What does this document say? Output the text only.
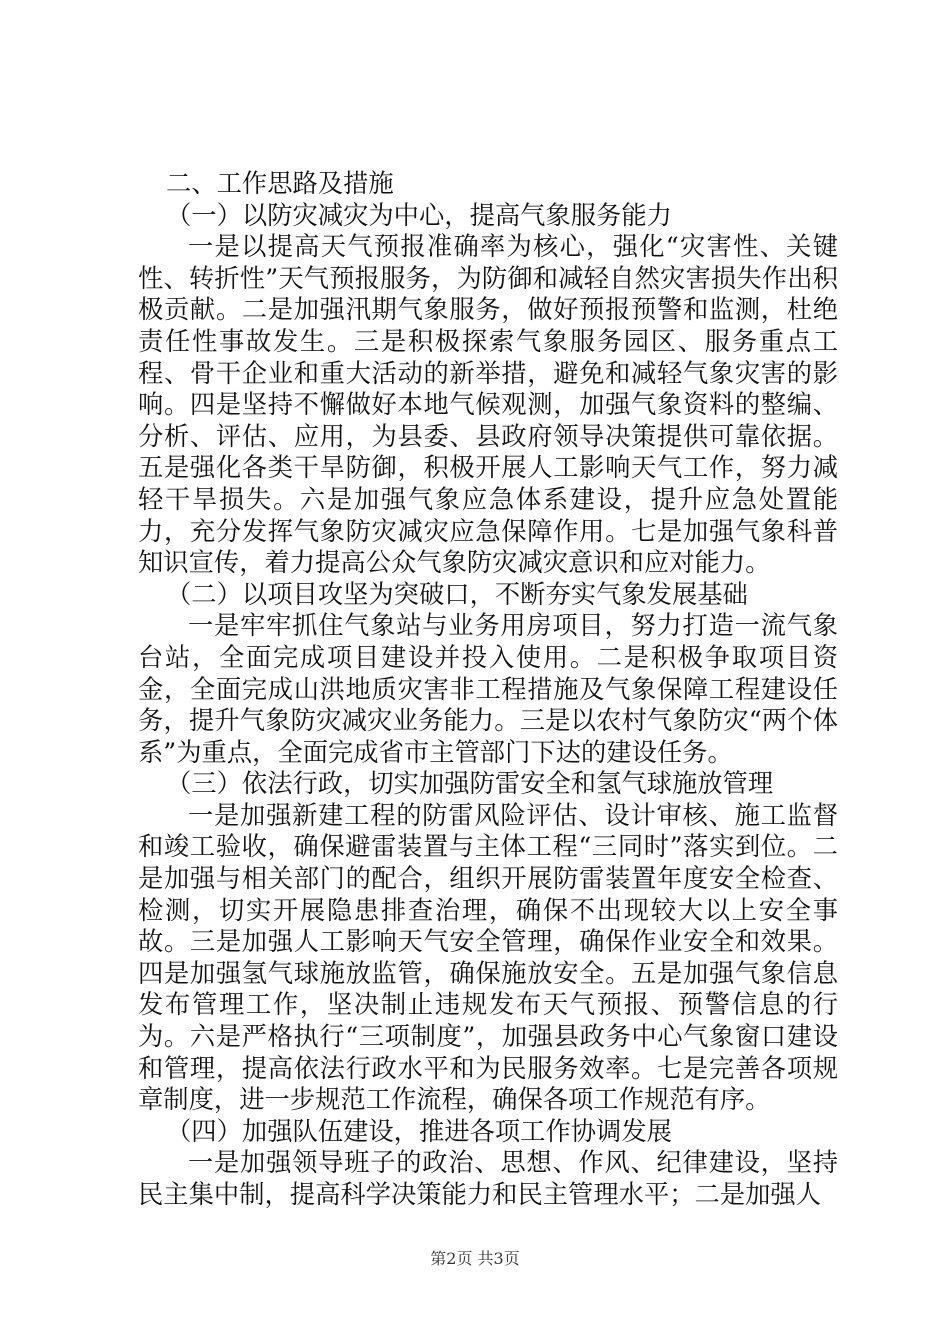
二、工作思路及措施

（一）以防灾减灾为中心，提高气象服务能力

一是以提高天气预报准确率为核心，强化“灾害性、关键性、转折性”天气预报服务，为防御和减轻自然灾害损失作出积极贡献。二是加强汛期气象服务，做好预报预警和监测，杜绝责任性事故发生。三是积极探索气象服务园区、服务重点工程、骨干企业和重大活动的新举措，避免和减轻气象灾害的影响。四是坚持不懈做好本地气候观测，加强气象资料的整编、分析、评估、应用，为县委、县政府领导决策提供可靠依据。五是强化各类干旱防御，积极开展人工影响天气工作，努力减轻干旱损失。六是加强气象应急体系建设，提升应急处置能力，充分发挥气象防灾减灾应急保障作用。七是加强气象科普知识宣传，着力提高公众气象防灾减灾意识和应对能力。

（二）以项目攻坚为突破口，不断夯实气象发展基础

一是牢牢抓住气象站与业务用房项目，努力打造一流气象台站，全面完成项目建设并投入使用。二是积极争取项目资金，全面完成山洪地质灾害非工程措施及气象保障工程建设任务，提升气象防灾减灾业务能力。三是以农村气象防灾“两个体系”为重点，全面完成省市主管部门下达的建设任务。

（三）依法行政，切实加强防雷安全和氢气球施放管理

一是加强新建工程的防雷风险评估、设计审核、施工监督和竣工验收，确保避雷装置与主体工程“三同时”落实到位。二是加强与相关部门的配合，组织开展防雷装置年度安全检查、检测，切实开展隐患排查治理，确保不出现较大以上安全事故。三是加强人工影响天气安全管理，确保作业安全和效果。四是加强氢气球施放监管，确保施放安全。五是加强气象信息发布管理工作，坚决制止违规发布天气预报、预警信息的行为。六是严格执行“三项制度”，加强县政务中心气象窗口建设和管理，提高依法行政水平和为民服务效率。七是完善各项规章制度，进一步规范工作流程，确保各项工作规范有序。

（四）加强队伍建设，推进各项工作协调发展

一是加强领导班子的政治、思想、作风、纪律建设，坚持民主集中制，提高科学决策能力和民主管理水平；二是加强人

第2页 共3页
